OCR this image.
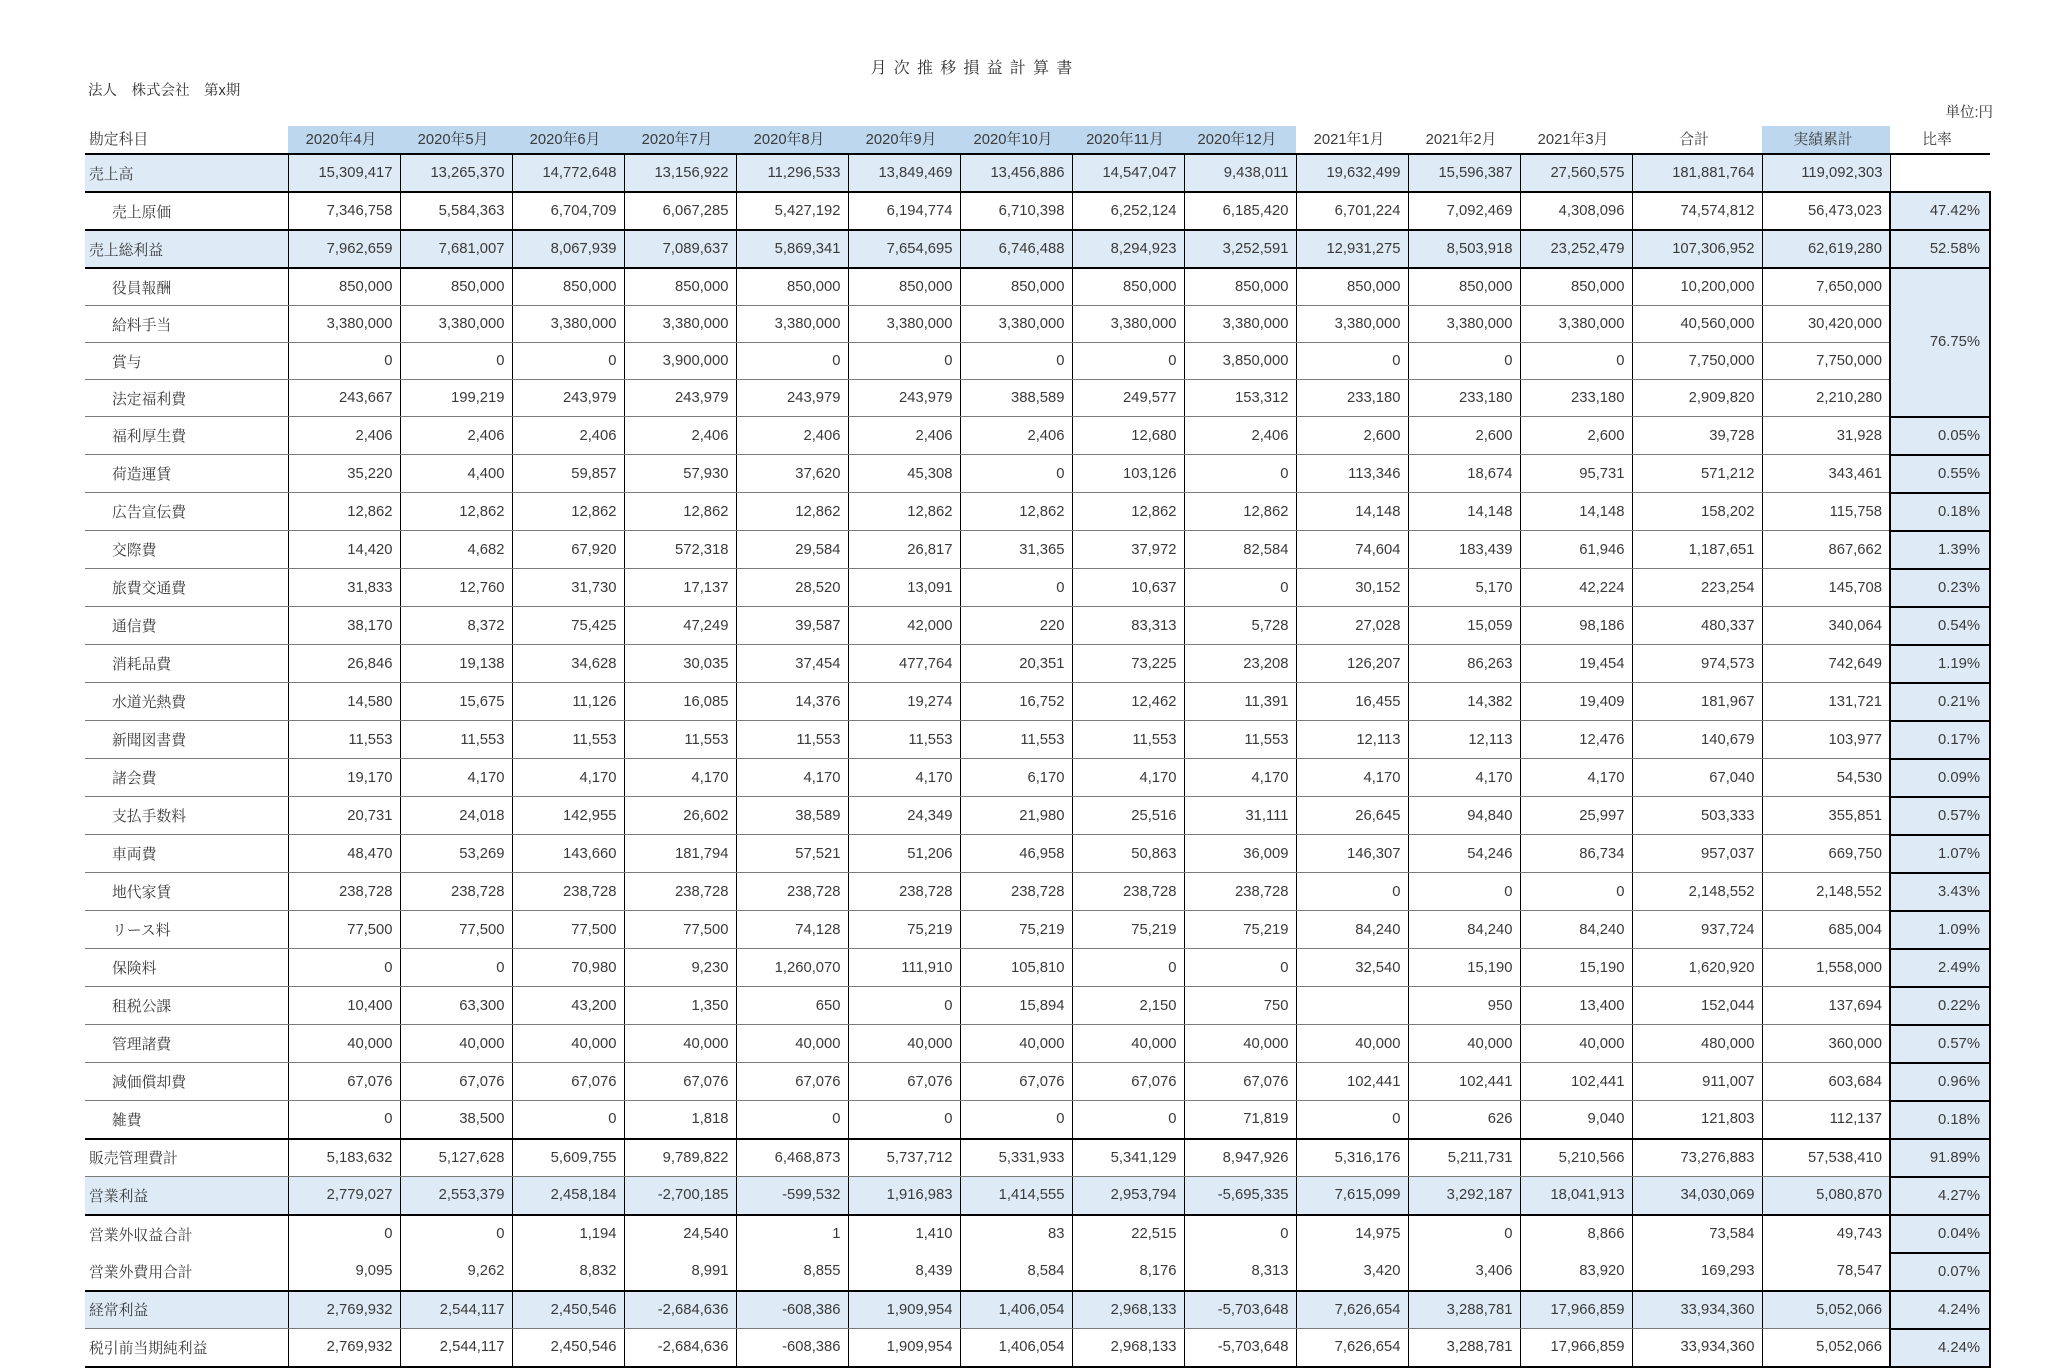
月次推移損益計算書
法人　株式会社　第x期
単位:円
勘定科目	2020年4月	2020年5月	2020年6月	2020年7月	2020年8月	2020年9月	2020年10月	2020年11月	2020年12月	2021年1月	2021年2月	2021年3月	合計	実績累計	比率
売上高	15,309,417	13,265,370	14,772,648	13,156,922	11,296,533	13,849,469	13,456,886	14,547,047	9,438,011	19,632,499	15,596,387	27,560,575	181,881,764	119,092,303	
売上原価	7,346,758	5,584,363	6,704,709	6,067,285	5,427,192	6,194,774	6,710,398	6,252,124	6,185,420	6,701,224	7,092,469	4,308,096	74,574,812	56,473,023	47.42%
売上総利益	7,962,659	7,681,007	8,067,939	7,089,637	5,869,341	7,654,695	6,746,488	8,294,923	3,252,591	12,931,275	8,503,918	23,252,479	107,306,952	62,619,280	52.58%
役員報酬	850,000	850,000	850,000	850,000	850,000	850,000	850,000	850,000	850,000	850,000	850,000	850,000	10,200,000	7,650,000	76.75%
給料手当	3,380,000	3,380,000	3,380,000	3,380,000	3,380,000	3,380,000	3,380,000	3,380,000	3,380,000	3,380,000	3,380,000	3,380,000	40,560,000	30,420,000	
賞与	0	0	0	3,900,000	0	0	0	0	3,850,000	0	0	0	7,750,000	7,750,000	
法定福利費	243,667	199,219	243,979	243,979	243,979	243,979	388,589	249,577	153,312	233,180	233,180	233,180	2,909,820	2,210,280	
福利厚生費	2,406	2,406	2,406	2,406	2,406	2,406	2,406	12,680	2,406	2,600	2,600	2,600	39,728	31,928	0.05%
荷造運賃	35,220	4,400	59,857	57,930	37,620	45,308	0	103,126	0	113,346	18,674	95,731	571,212	343,461	0.55%
広告宣伝費	12,862	12,862	12,862	12,862	12,862	12,862	12,862	12,862	12,862	14,148	14,148	14,148	158,202	115,758	0.18%
交際費	14,420	4,682	67,920	572,318	29,584	26,817	31,365	37,972	82,584	74,604	183,439	61,946	1,187,651	867,662	1.39%
旅費交通費	31,833	12,760	31,730	17,137	28,520	13,091	0	10,637	0	30,152	5,170	42,224	223,254	145,708	0.23%
通信費	38,170	8,372	75,425	47,249	39,587	42,000	220	83,313	5,728	27,028	15,059	98,186	480,337	340,064	0.54%
消耗品費	26,846	19,138	34,628	30,035	37,454	477,764	20,351	73,225	23,208	126,207	86,263	19,454	974,573	742,649	1.19%
水道光熱費	14,580	15,675	11,126	16,085	14,376	19,274	16,752	12,462	11,391	16,455	14,382	19,409	181,967	131,721	0.21%
新聞図書費	11,553	11,553	11,553	11,553	11,553	11,553	11,553	11,553	11,553	12,113	12,113	12,476	140,679	103,977	0.17%
諸会費	19,170	4,170	4,170	4,170	4,170	4,170	6,170	4,170	4,170	4,170	4,170	4,170	67,040	54,530	0.09%
支払手数料	20,731	24,018	142,955	26,602	38,589	24,349	21,980	25,516	31,111	26,645	94,840	25,997	503,333	355,851	0.57%
車両費	48,470	53,269	143,660	181,794	57,521	51,206	46,958	50,863	36,009	146,307	54,246	86,734	957,037	669,750	1.07%
地代家賃	238,728	238,728	238,728	238,728	238,728	238,728	238,728	238,728	238,728	0	0	0	2,148,552	2,148,552	3.43%
リース料	77,500	77,500	77,500	77,500	74,128	75,219	75,219	75,219	75,219	84,240	84,240	84,240	937,724	685,004	1.09%
保険料	0	0	70,980	9,230	1,260,070	111,910	105,810	0	0	32,540	15,190	15,190	1,620,920	1,558,000	2.49%
租税公課	10,400	63,300	43,200	1,350	650	0	15,894	2,150	750		950	13,400	152,044	137,694	0.22%
管理諸費	40,000	40,000	40,000	40,000	40,000	40,000	40,000	40,000	40,000	40,000	40,000	40,000	480,000	360,000	0.57%
減価償却費	67,076	67,076	67,076	67,076	67,076	67,076	67,076	67,076	67,076	102,441	102,441	102,441	911,007	603,684	0.96%
雑費	0	38,500	0	1,818	0	0	0	0	71,819	0	626	9,040	121,803	112,137	0.18%
販売管理費計	5,183,632	5,127,628	5,609,755	9,789,822	6,468,873	5,737,712	5,331,933	5,341,129	8,947,926	5,316,176	5,211,731	5,210,566	73,276,883	57,538,410	91.89%
営業利益	2,779,027	2,553,379	2,458,184	-2,700,185	-599,532	1,916,983	1,414,555	2,953,794	-5,695,335	7,615,099	3,292,187	18,041,913	34,030,069	5,080,870	4.27%
営業外収益合計	0	0	1,194	24,540	1	1,410	83	22,515	0	14,975	0	8,866	73,584	49,743	0.04%
営業外費用合計	9,095	9,262	8,832	8,991	8,855	8,439	8,584	8,176	8,313	3,420	3,406	83,920	169,293	78,547	0.07%
経常利益	2,769,932	2,544,117	2,450,546	-2,684,636	-608,386	1,909,954	1,406,054	2,968,133	-5,703,648	7,626,654	3,288,781	17,966,859	33,934,360	5,052,066	4.24%
税引前当期純利益	2,769,932	2,544,117	2,450,546	-2,684,636	-608,386	1,909,954	1,406,054	2,968,133	-5,703,648	7,626,654	3,288,781	17,966,859	33,934,360	5,052,066	4.24%
